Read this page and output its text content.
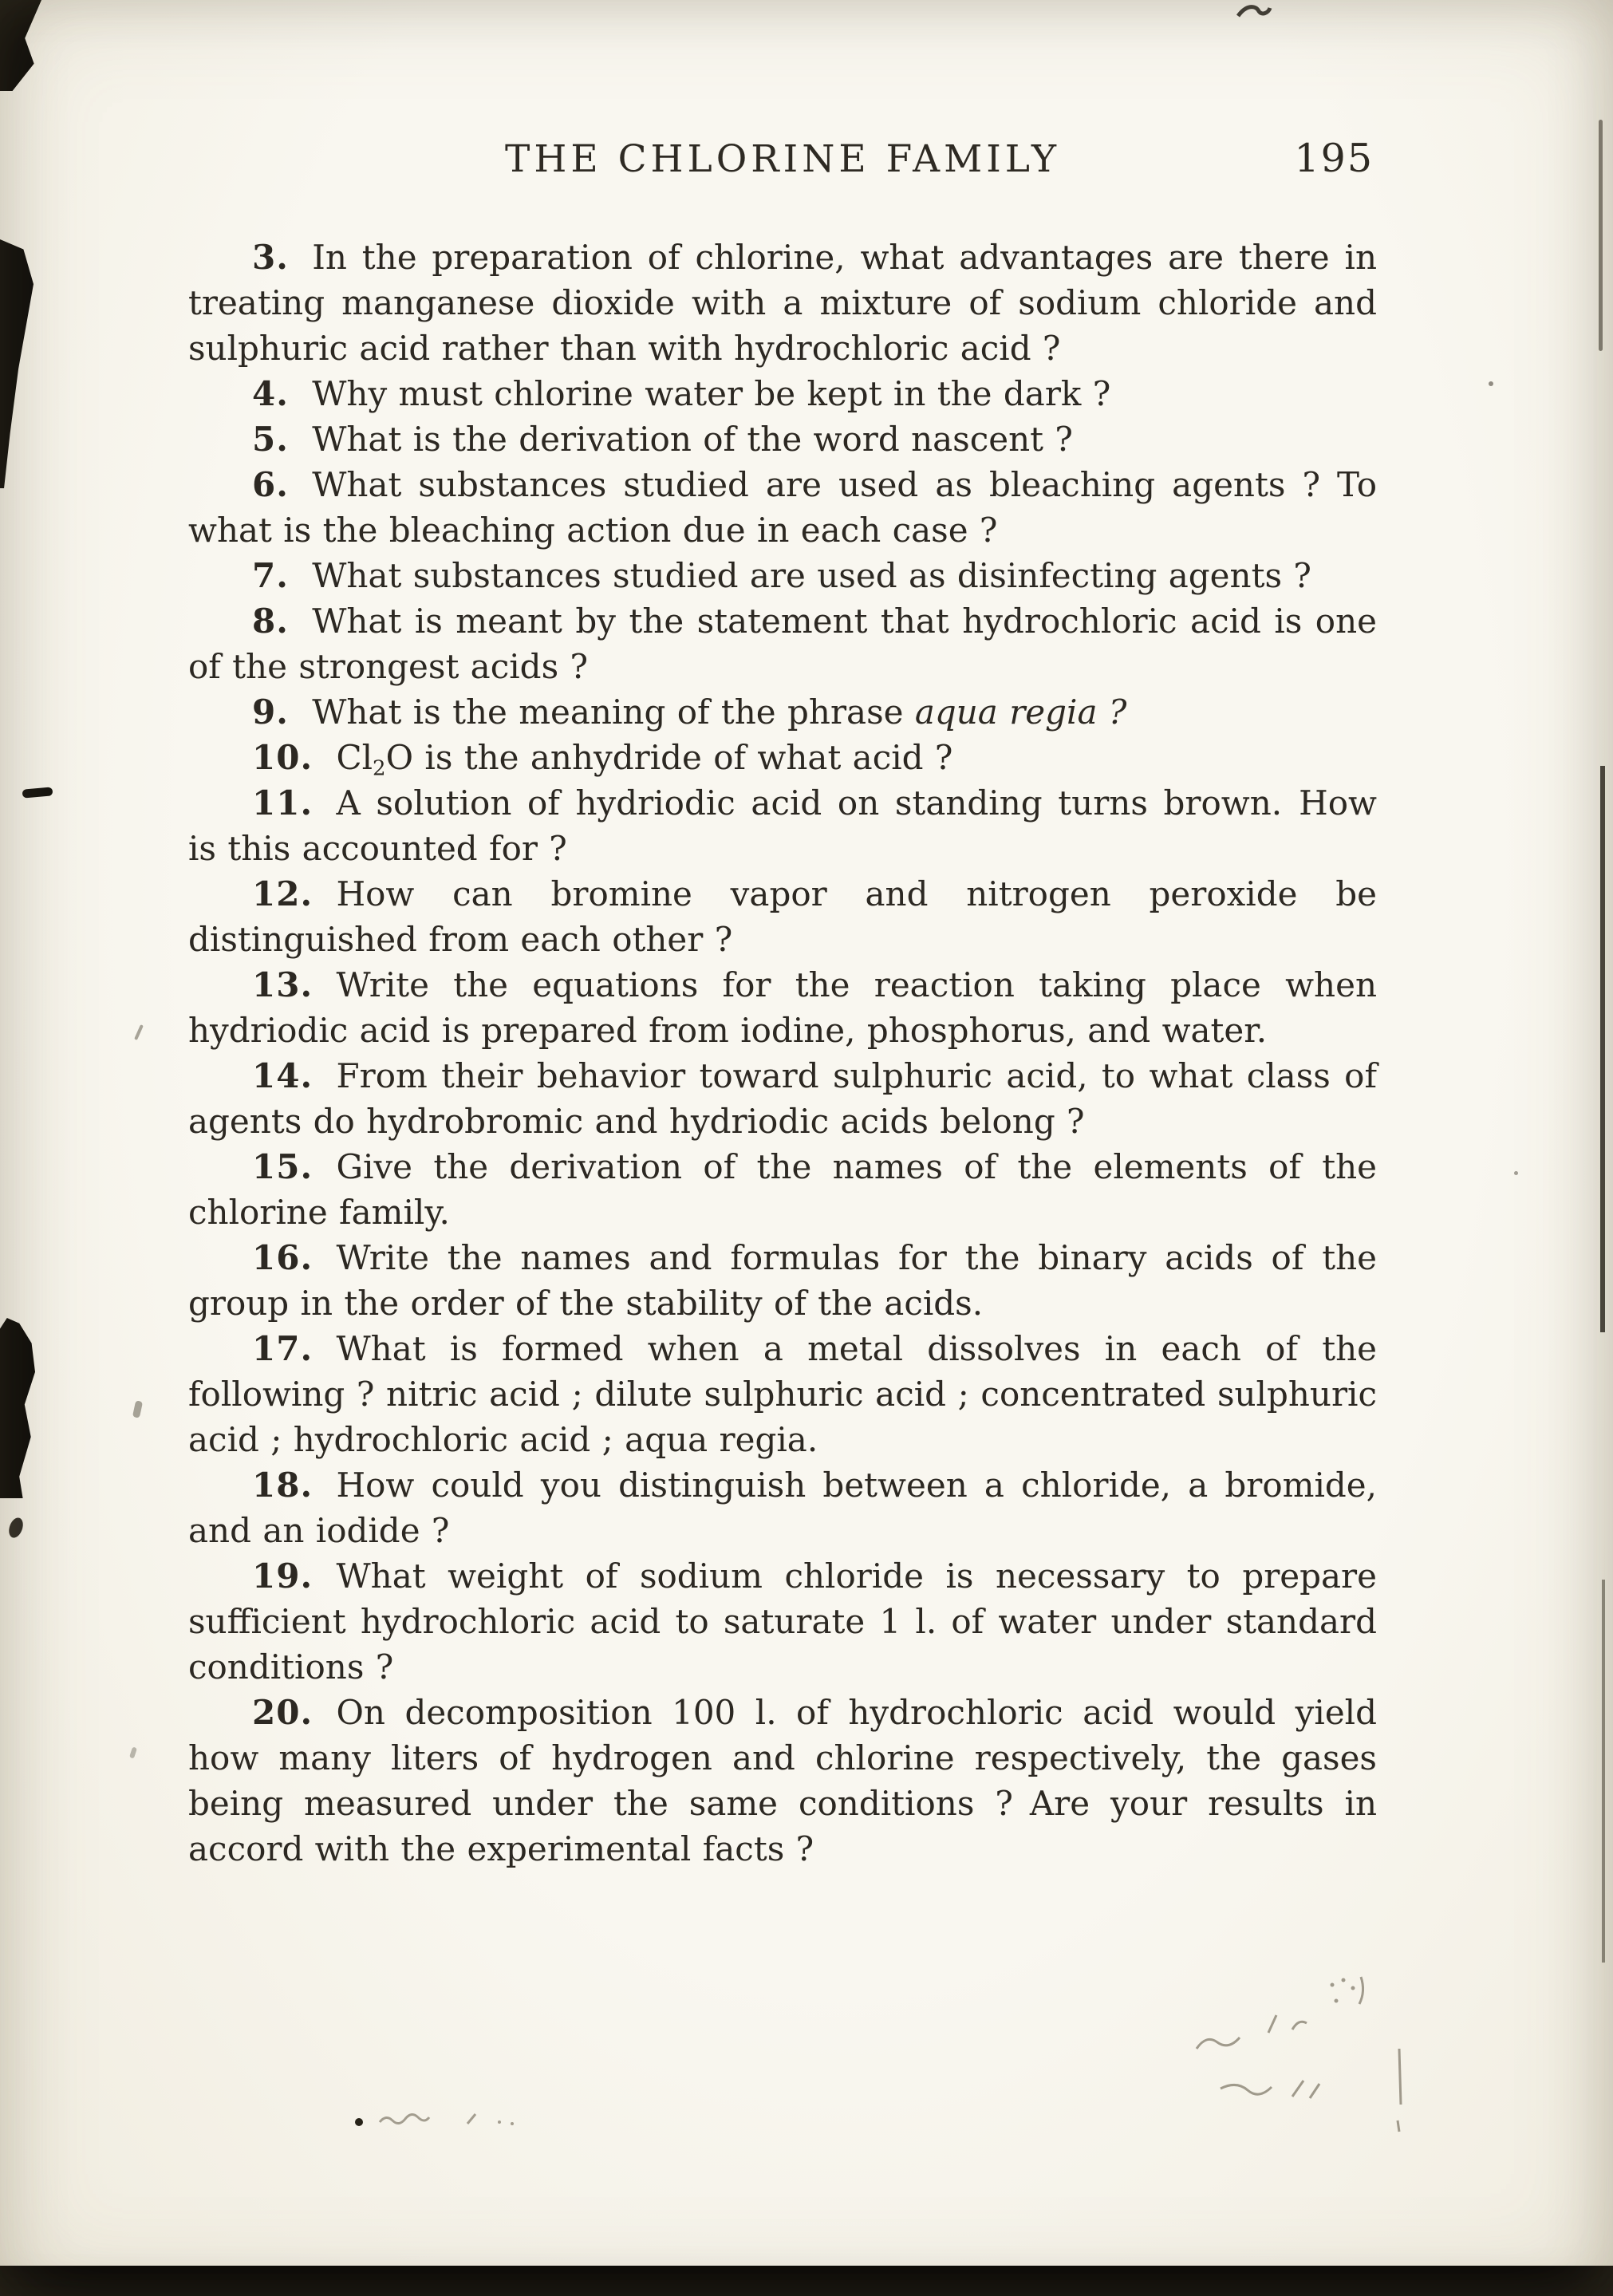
THE CHLORINE FAMILY	195

3.   In the preparation of chlorine, what advantages are there in treating manganese dioxide with a mixture of sodium chloride and sulphuric acid rather than with hydrochloric acid ?

4.   Why must chlorine water be kept in the dark ?

5.   What is the derivation of the word nascent ?

6.   What substances studied are used as bleaching agents ? To what is the bleaching action due in each case ?

7.   What substances studied are used as disinfecting agents ?

8.   What is meant by the statement that hydrochloric acid is one of the strongest acids ?

9.   What is the meaning of the phrase aqua regia ?

10.   $Cl_2O$ is the anhydride of what acid ?

11.   A solution of hydriodic acid on standing turns brown. How is this accounted for ?

12.   How can bromine vapor and nitrogen peroxide be distinguished from each other ?

13.   Write the equations for the reaction taking place when hydriodic acid is prepared from iodine, phosphorus, and water.

14.   From their behavior toward sulphuric acid, to what class of agents do hydrobromic and hydriodic acids belong ?

15.   Give the derivation of the names of the elements of the chlorine family.

16.   Write the names and formulas for the binary acids of the group in the order of the stability of the acids.

17.   What is formed when a metal dissolves in each of the following ? nitric acid ; dilute sulphuric acid ; concentrated sulphuric acid ; hydrochloric acid ; aqua regia.

18.   How could you distinguish between a chloride, a bromide, and an iodide ?

19.   What weight of sodium chloride is necessary to prepare sufficient hydrochloric acid to saturate 1 l. of water under standard conditions ?

20.   On decomposition 100 l. of hydrochloric acid would yield how many liters of hydrogen and chlorine respectively, the gases being measured under the same conditions ? Are your results in accord with the experimental facts ?
